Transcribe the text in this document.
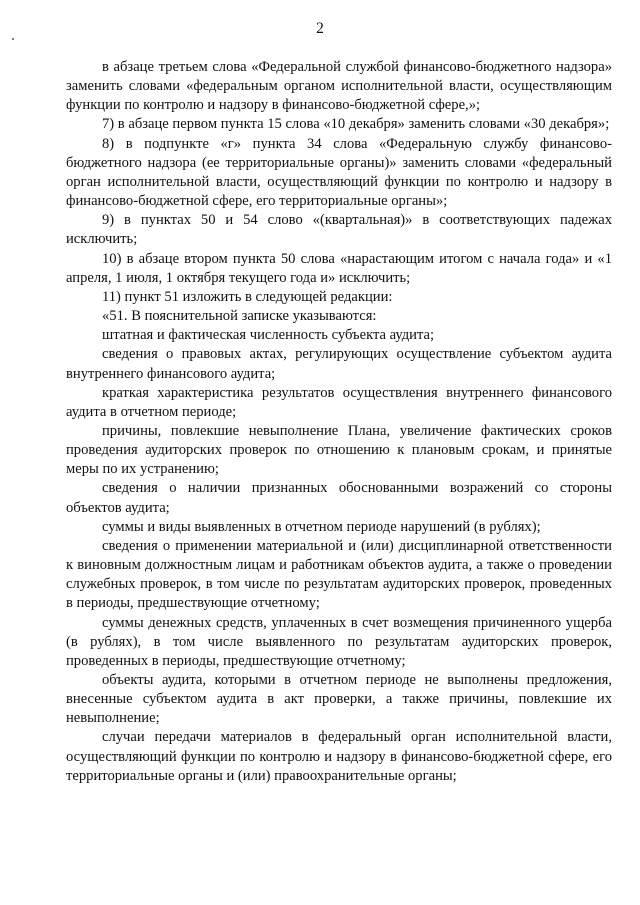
2

в абзаце третьем слова «Федеральной службой финансово-бюджетного надзора» заменить словами «федеральным органом исполнительной власти, осуществляющим функции по контролю и надзору в финансово-бюджетной сфере,»;

7) в абзаце первом пункта 15 слова «10 декабря» заменить словами «30 декабря»;

8) в подпункте «г» пункта 34 слова «Федеральную службу финансово-бюджетного надзора (ее территориальные органы)» заменить словами «федеральный орган исполнительной власти, осуществляющий функции по контролю и надзору в финансово-бюджетной сфере, его территориальные органы»;

9) в пунктах 50 и 54 слово «(квартальная)» в соответствующих падежах исключить;

10) в абзаце втором пункта 50 слова «нарастающим итогом с начала года» и «1 апреля, 1 июля, 1 октября текущего года и» исключить;

11) пункт 51 изложить в следующей редакции:

«51. В пояснительной записке указываются:

штатная и фактическая численность субъекта аудита;

сведения о правовых актах, регулирующих осуществление субъектом аудита внутреннего финансового аудита;

краткая характеристика результатов осуществления внутреннего финансового аудита в отчетном периоде;

причины, повлекшие невыполнение Плана, увеличение фактических сроков проведения аудиторских проверок по отношению к плановым срокам, и принятые меры по их устранению;

сведения о наличии признанных обоснованными возражений со стороны объектов аудита;

суммы и виды выявленных в отчетном периоде нарушений (в рублях);

сведения о применении материальной и (или) дисциплинарной ответственности к виновным должностным лицам и работникам объектов аудита, а также о проведении служебных проверок, в том числе по результатам аудиторских проверок, проведенных в периоды, предшествующие отчетному;

суммы денежных средств, уплаченных в счет возмещения причиненного ущерба (в рублях), в том числе выявленного по результатам аудиторских проверок, проведенных в периоды, предшествующие отчетному;

объекты аудита, которыми в отчетном периоде не выполнены предложения, внесенные субъектом аудита в акт проверки, а также причины, повлекшие их невыполнение;

случаи передачи материалов в федеральный орган исполнительной власти, осуществляющий функции по контролю и надзору в финансово-бюджетной сфере, его территориальные органы и (или) правоохранительные органы;
